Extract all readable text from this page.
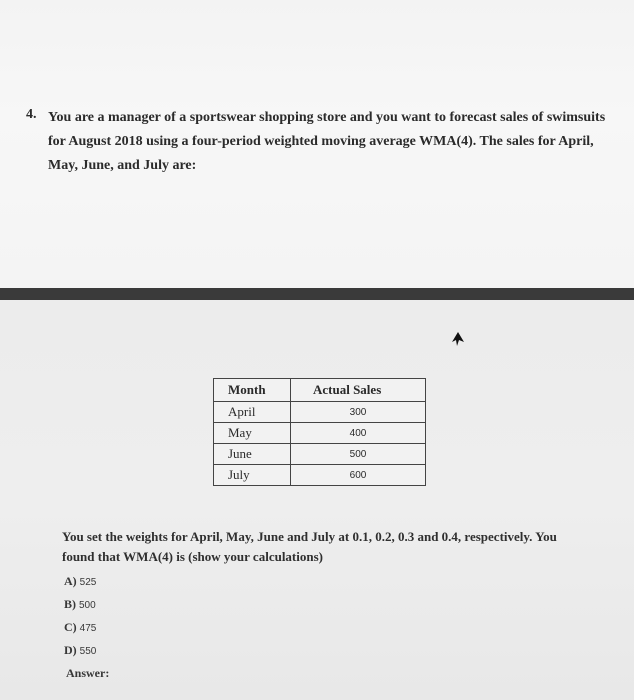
4. You are a manager of a sportswear shopping store and you want to forecast sales of swimsuits
for August 2018 using a four-period weighted moving average WMA(4). The sales for April,
May, June, and July are:
Month	Actual Sales
April	300
May	400
June	500
July	600
You set the weights for April, May, June and July at 0.1, 0.2, 0.3 and 0.4, respectively. You
found that WMA(4) is (show your calculations)
A) 525
B) 500
C) 475
D) 550
Answer:
